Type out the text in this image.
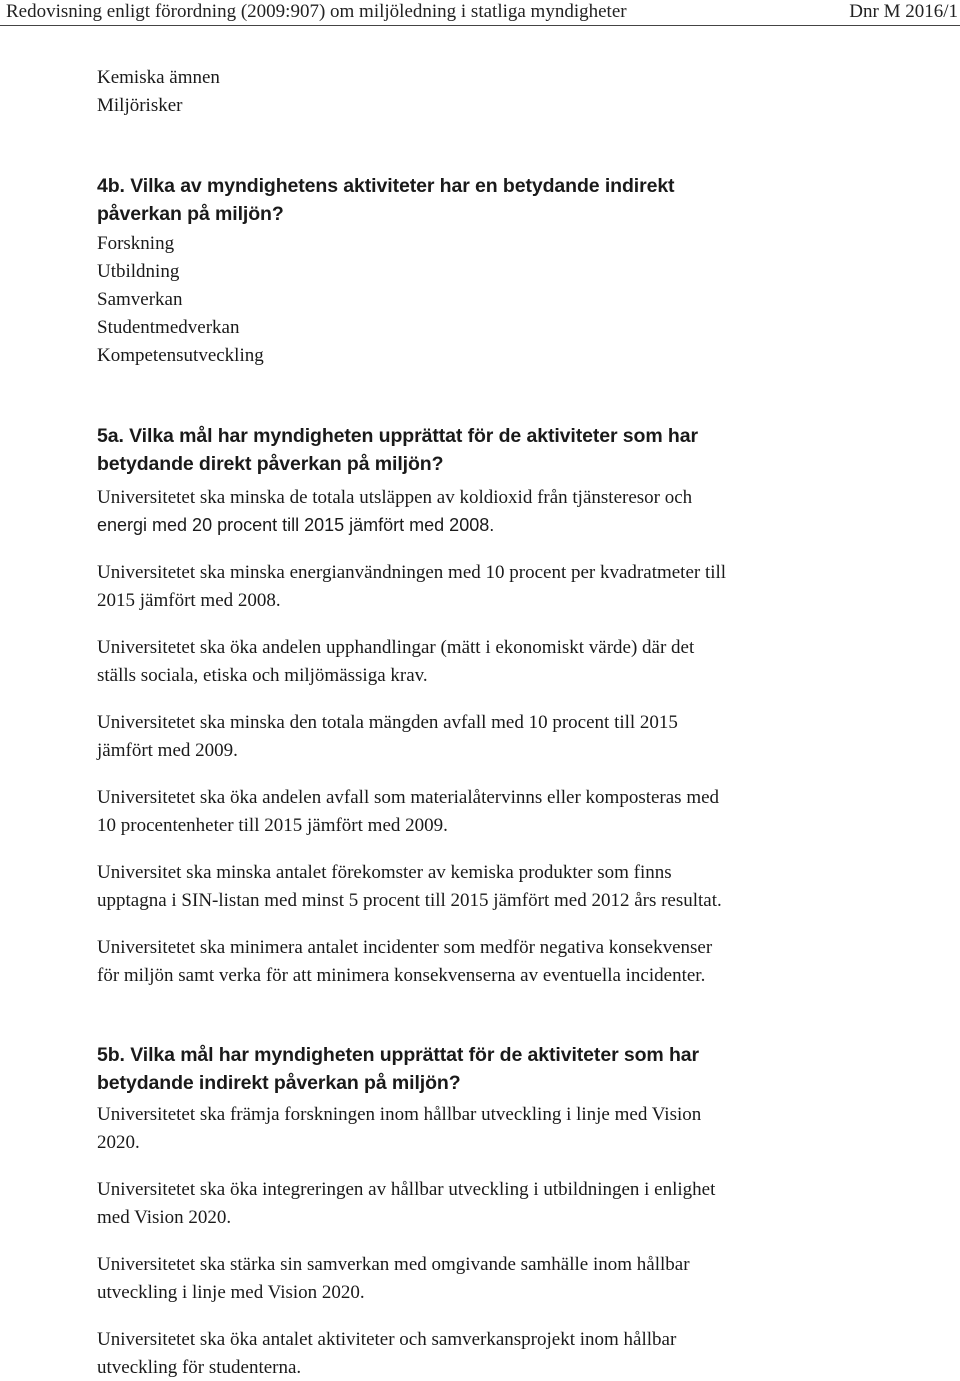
Redovisning enligt förordning (2009:907) om miljöledning i statliga myndigheter	Dnr M 2016/1

Kemiska ämnen

Miljörisker

4b. Vilka av myndighetens aktiviteter har en betydande indirekt
påverkan på miljön?

Forskning

Utbildning

Samverkan

Studentmedverkan

Kompetensutveckling

5a. Vilka mål har myndigheten upprättat för de aktiviteter som har
betydande direkt påverkan på miljön?

Universitetet ska minska de totala utsläppen av koldioxid från tjänsteresor och
energi med 20 procent till 2015 jämfört med 2008.

Universitetet ska minska energianvändningen med 10 procent per kvadratmeter till
2015 jämfört med 2008.

Universitetet ska öka andelen upphandlingar (mätt i ekonomiskt värde) där det
ställs sociala, etiska och miljömässiga krav.

Universitetet ska minska den totala mängden avfall med 10 procent till 2015
jämfört med 2009.

Universitetet ska öka andelen avfall som materialåtervinns eller komposteras med
10 procentenheter till 2015 jämfört med 2009.

Universitet ska minska antalet förekomster av kemiska produkter som finns
upptagna i SIN-listan med minst 5 procent till 2015 jämfört med 2012 års resultat.

Universitetet ska minimera antalet incidenter som medför negativa konsekvenser
för miljön samt verka för att minimera konsekvenserna av eventuella incidenter.

5b. Vilka mål har myndigheten upprättat för de aktiviteter som har
betydande indirekt påverkan på miljön?

Universitetet ska främja forskningen inom hållbar utveckling i linje med Vision
2020.

Universitetet ska öka integreringen av hållbar utveckling i utbildningen i enlighet
med Vision 2020.

Universitetet ska stärka sin samverkan med omgivande samhälle inom hållbar
utveckling i linje med Vision 2020.

Universitetet ska öka antalet aktiviteter och samverkansprojekt inom hållbar
utveckling för studenterna.
